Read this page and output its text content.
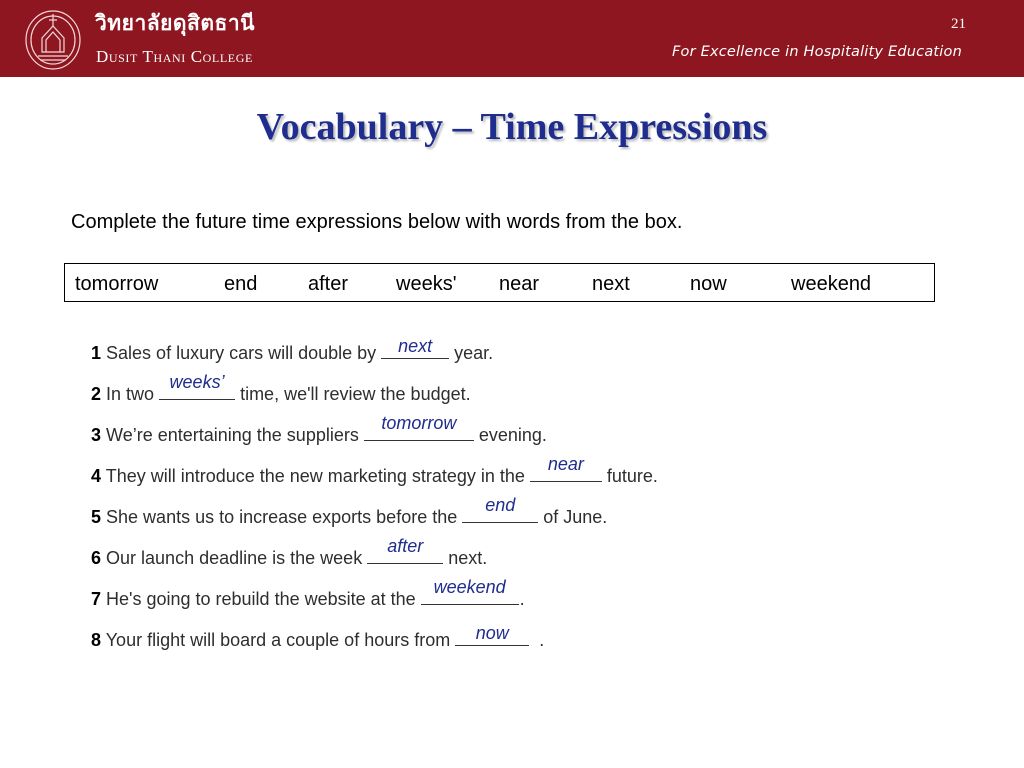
วิทยาลัยดุสิตธานี
Dusit Thani College
21
For Excellence in Hospitality Education
Vocabulary – Time Expressions
Complete the future time expressions below with words from the box.
tomorrow	end	after weeks' near	next	now	weekend
1 Sales of luxury cars will double by	next	year.
2 In two
weeks’
time, we'll review the budget.
3 We’re entertaining the suppliers
tomorrow
evening.
4 They will introduce the new marketing strategy in the
near
future.
5 She wants us to increase exports before the
end
of June.
6 Our launch deadline is the week
after
next.
7 He's going to rebuild the website at the
weekend
.
8 Your flight will board a couple of hours from	now	.
